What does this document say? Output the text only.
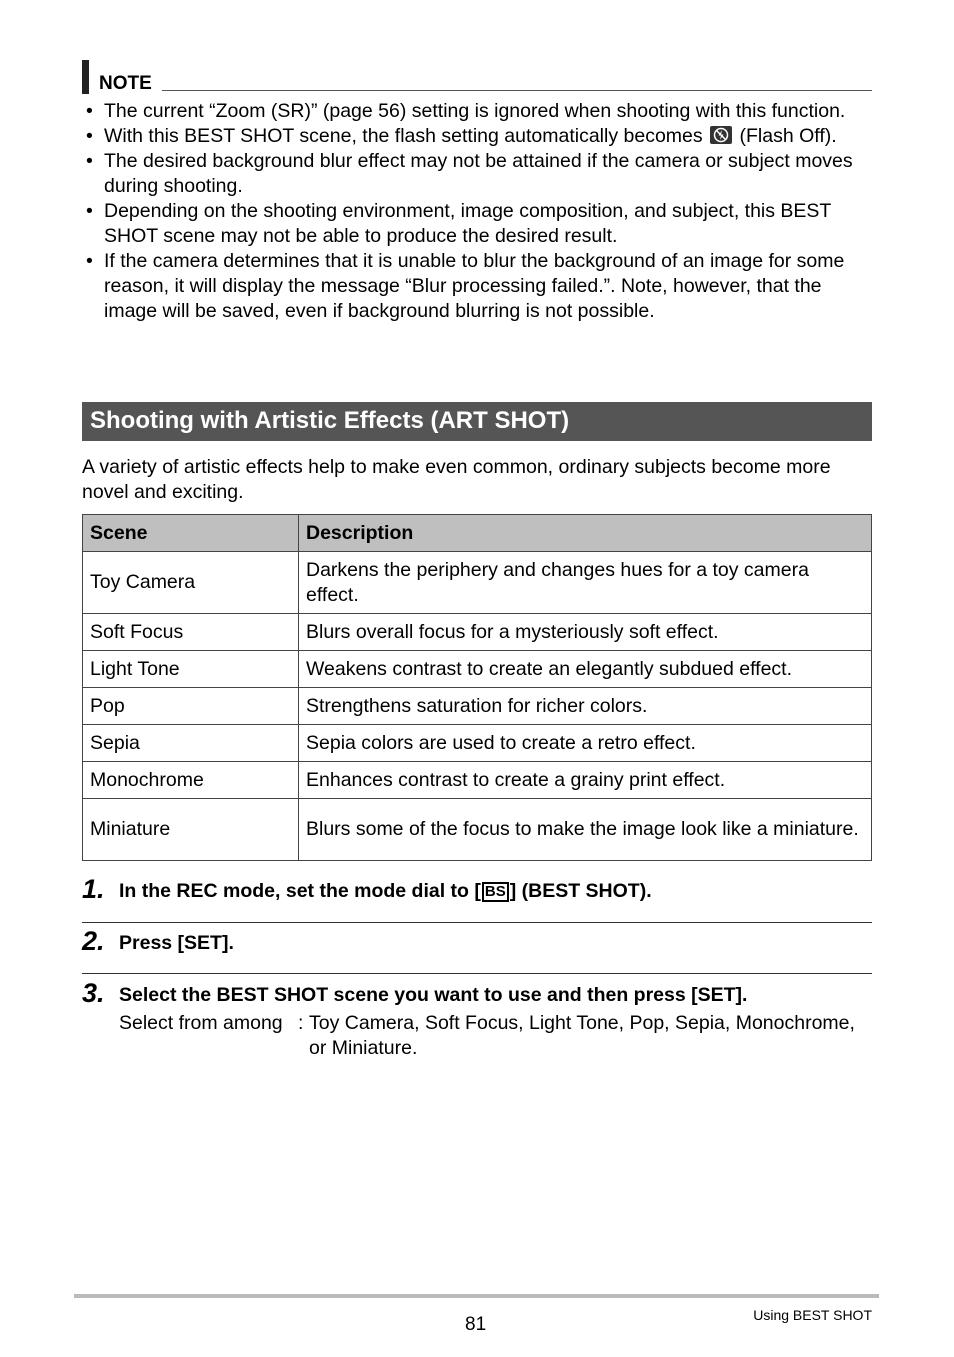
NOTE
• The current “Zoom (SR)” (page 56) setting is ignored when shooting with this function.
• With this BEST SHOT scene, the flash setting automatically becomes (Flash Off).
• The desired background blur effect may not be attained if the camera or subject moves during shooting.
• Depending on the shooting environment, image composition, and subject, this BEST SHOT scene may not be able to produce the desired result.
• If the camera determines that it is unable to blur the background of an image for some reason, it will display the message “Blur processing failed.”. Note, however, that the image will be saved, even if background blurring is not possible.
Shooting with Artistic Effects (ART SHOT)

A variety of artistic effects help to make even common, ordinary subjects become more novel and exciting.

Scene	Description
Toy Camera	Darkens the periphery and changes hues for a toy camera effect.
Soft Focus	Blurs overall focus for a mysteriously soft effect.
Light Tone	Weakens contrast to create an elegantly subdued effect.
Pop	Strengthens saturation for richer colors.
Sepia	Sepia colors are used to create a retro effect.
Monochrome	Enhances contrast to create a grainy print effect.
Miniature	Blurs some of the focus to make the image look like a miniature.
1. In the REC mode, set the mode dial to [ BS ] (BEST SHOT).
2. Press [SET].
3. Select the BEST SHOT scene you want to use and then press [SET].
Select from among : Toy Camera, Soft Focus, Light Tone, Pop, Sepia, Monochrome, or Miniature.
81	Using BEST SHOT
